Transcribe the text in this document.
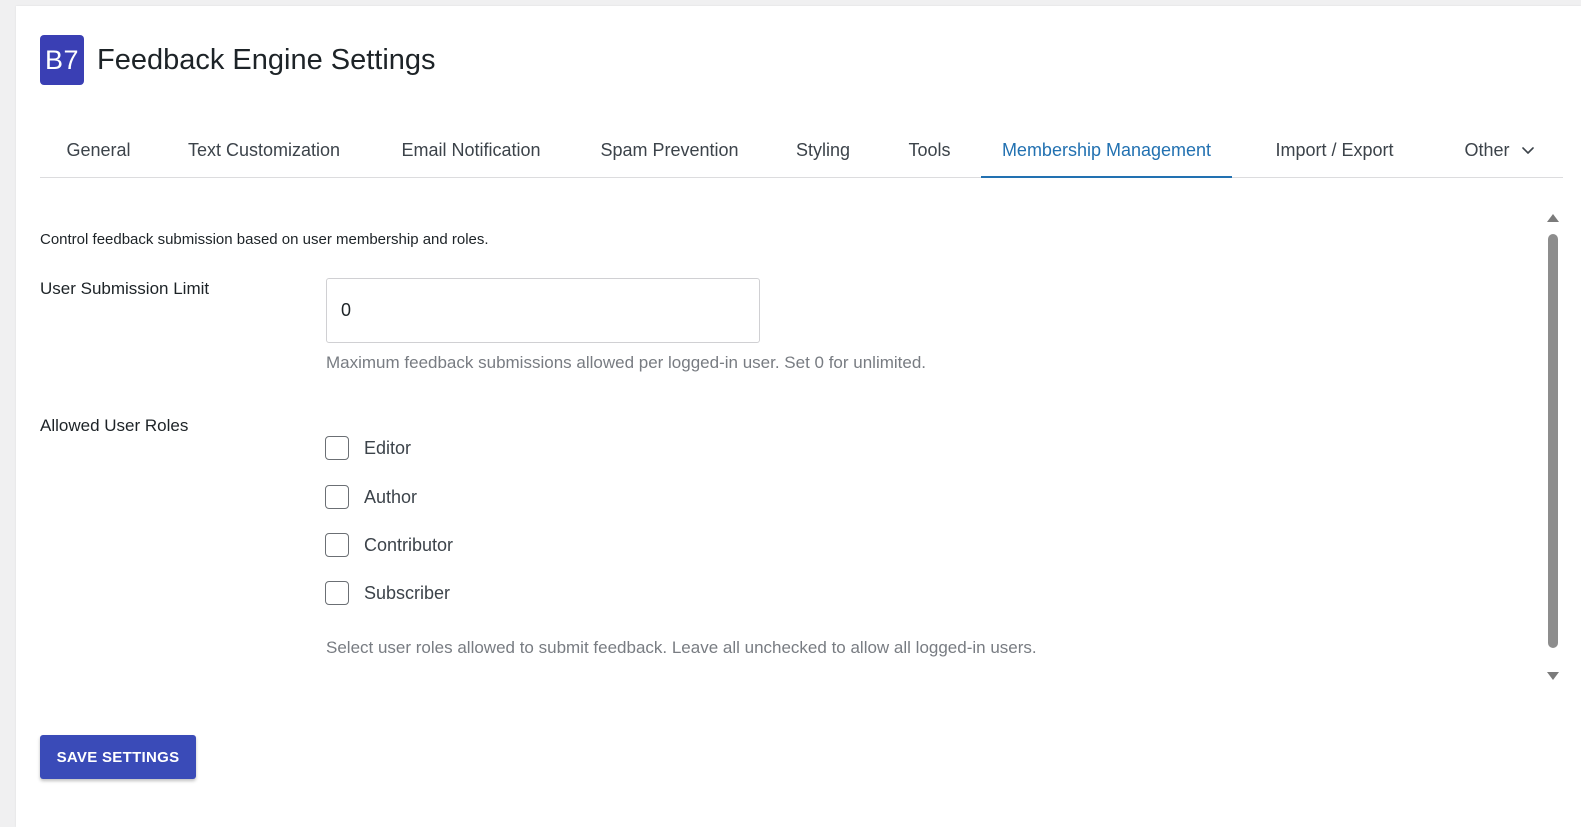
B7 Feedback Engine Settings
General	Text Customization	Email Notification	Spam Prevention	Styling	Tools	Membership Management	Import / Export	Other
Control feedback submission based on user membership and roles.
User Submission Limit
0
Maximum feedback submissions allowed per logged-in user. Set 0 for unlimited.
Allowed User Roles
Editor
Author
Contributor
Subscriber
Select user roles allowed to submit feedback. Leave all unchecked to allow all logged-in users.
SAVE SETTINGS
